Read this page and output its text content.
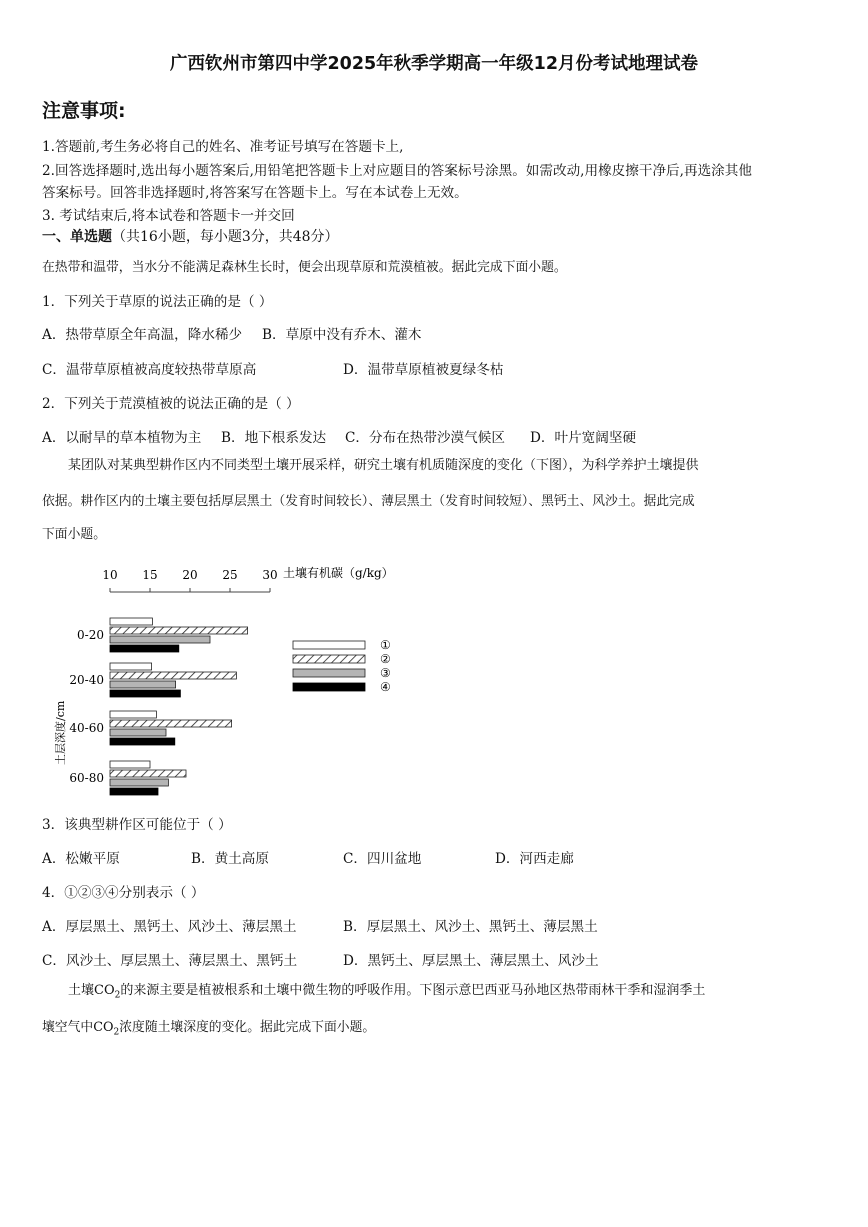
广西钦州市第四中学2025年秋季学期高一年级12月份考试地理试卷
注意事项:
1.答题前,考生务必将自己的姓名、准考证号填写在答题卡上,
2.回答选择题时,选出每小题答案后,用铅笔把答题卡上对应题目的答案标号涂黑。如需改动,用橡皮擦干净后,再选涂其他
答案标号。回答非选择题时,将答案写在答题卡上。写在本试卷上无效。
3. 考试结束后,将本试卷和答题卡一并交回
一、单选题（共16小题，每小题3分，共48分）
在热带和温带，当水分不能满足森林生长时，便会出现草原和荒漠植被。据此完成下面小题。
1．下列关于草原的说法正确的是（ ）
A．热带草原全年高温，降水稀少 B．草原中没有乔木、灌木
C．温带草原植被高度较热带草原高	D．温带草原植被夏绿冬枯
2．下列关于荒漠植被的说法正确的是（ ）
A．以耐旱的草本植物为主 B．地下根系发达 C．分布在热带沙漠气候区 D．叶片宽阔坚硬
某团队对某典型耕作区内不同类型土壤开展采样，研究土壤有机质随深度的变化（下图），为科学养护土壤提供
依据。耕作区内的土壤主要包括厚层黑土（发育时间较长）、薄层黑土（发育时间较短）、黑钙土、风沙土。据此完成
下面小题。
10 15 20 25 30 土壤有机碳（g/kg）
土层深度/cm
0-20
20-40
40-60
60-80
①
②
③
④
3．该典型耕作区可能位于（ ）
A．松嫩平原	B．黄土高原	C．四川盆地	D．河西走廊
4．①②③④分别表示（ ）
A．厚层黑土、黑钙土、风沙土、薄层黑土	B．厚层黑土、风沙土、黑钙土、薄层黑土
C．风沙土、厚层黑土、薄层黑土、黑钙土	D．黑钙土、厚层黑土、薄层黑土、风沙土
土壤$CO_2$的来源主要是植被根系和土壤中微生物的呼吸作用。下图示意巴西亚马孙地区热带雨林干季和湿润季土
壤空气中$CO_2$浓度随土壤深度的变化。据此完成下面小题。
